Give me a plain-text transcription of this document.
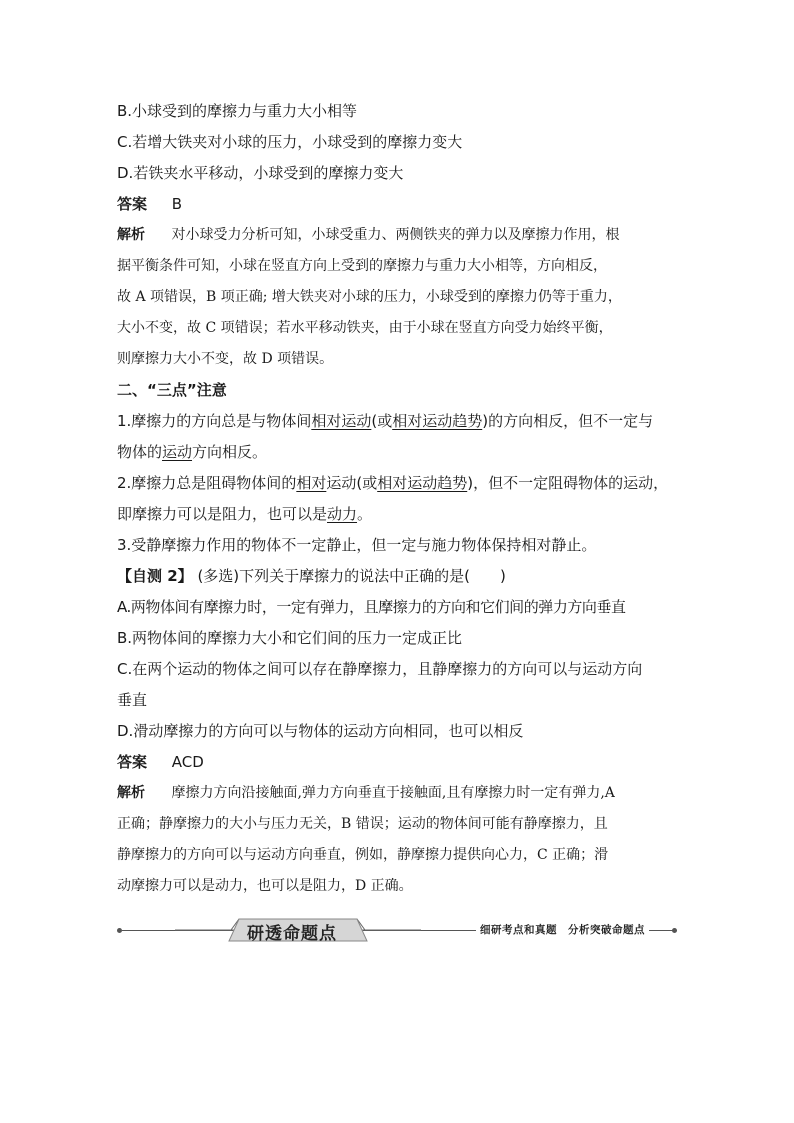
B.小球受到的摩擦力与重力大小相等
C.若增大铁夹对小球的压力，小球受到的摩擦力变大
D.若铁夹水平移动，小球受到的摩擦力变大
答案 B
解析 对小球受力分析可知，小球受重力、两侧铁夹的弹力以及摩擦力作用，根
据平衡条件可知，小球在竖直方向上受到的摩擦力与重力大小相等，方向相反，
故 A 项错误，B 项正确; 增大铁夹对小球的压力，小球受到的摩擦力仍等于重力，
大小不变，故 C 项错误；若水平移动铁夹，由于小球在竖直方向受力始终平衡，
则摩擦力大小不变，故 D 项错误。
二、“三点”注意
1.摩擦力的方向总是与物体间相对运动(或相对运动趋势)的方向相反，但不一定与
物体的运动方向相反。
2.摩擦力总是阻碍物体间的相对运动(或相对运动趋势)，但不一定阻碍物体的运动，
即摩擦力可以是阻力，也可以是动力。
3.受静摩擦力作用的物体不一定静止，但一定与施力物体保持相对静止。
【自测 2】 (多选)下列关于摩擦力的说法中正确的是(　　)
A.两物体间有摩擦力时，一定有弹力，且摩擦力的方向和它们间的弹力方向垂直
B.两物体间的摩擦力大小和它们间的压力一定成正比
C.在两个运动的物体之间可以存在静摩擦力，且静摩擦力的方向可以与运动方向
垂直
D.滑动摩擦力的方向可以与物体的运动方向相同，也可以相反
答案 ACD
解析 摩擦力方向沿接触面,弹力方向垂直于接触面,且有摩擦力时一定有弹力,A
正确；静摩擦力的大小与压力无关，B 错误；运动的物体间可能有静摩擦力，且
静摩擦力的方向可以与运动方向垂直，例如，静摩擦力提供向心力，C 正确；滑
动摩擦力可以是动力，也可以是阻力，D 正确。
研透命题点	细研考点和真题　分析突破命题点
